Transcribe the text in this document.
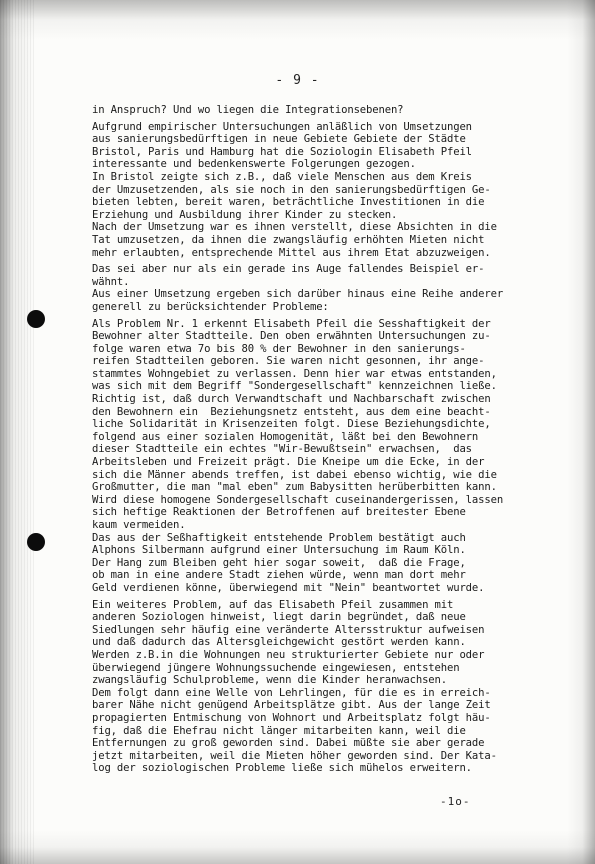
- 9 -
in Anspruch? Und wo liegen die Integrationsebenen?
Aufgrund empirischer Untersuchungen anläßlich von Umsetzungen
aus sanierungsbedürftigen in neue Gebiete Gebiete der Städte
Bristol, Paris und Hamburg hat die Soziologin Elisabeth Pfeil
interessante und bedenkenswerte Folgerungen gezogen.
In Bristol zeigte sich z.B., daß viele Menschen aus dem Kreis
der Umzusetzenden, als sie noch in den sanierungsbedürftigen Ge-
bieten lebten, bereit waren, beträchtliche Investitionen in die
Erziehung und Ausbildung ihrer Kinder zu stecken.
Nach der Umsetzung war es ihnen verstellt, diese Absichten in die
Tat umzusetzen, da ihnen die zwangsläufig erhöhten Mieten nicht
mehr erlaubten, entsprechende Mittel aus ihrem Etat abzuzweigen.
Das sei aber nur als ein gerade ins Auge fallendes Beispiel er-
wähnt.
Aus einer Umsetzung ergeben sich darüber hinaus eine Reihe anderer
generell zu berücksichtender Probleme:
Als Problem Nr. 1 erkennt Elisabeth Pfeil die Sesshaftigkeit der
Bewohner alter Stadtteile. Den oben erwähnten Untersuchungen zu-
folge waren etwa 7o bis 80 % der Bewohner in den sanierungs-
reifen Stadtteilen geboren. Sie waren nicht gesonnen, ihr ange-
stammtes Wohngebiet zu verlassen. Denn hier war etwas entstanden,
was sich mit dem Begriff "Sondergesellschaft" kennzeichnen ließe.
Richtig ist, daß durch Verwandtschaft und Nachbarschaft zwischen
den Bewohnern ein  Beziehungsnetz entsteht, aus dem eine beacht-
liche Solidarität in Krisenzeiten folgt. Diese Beziehungsdichte,
folgend aus einer sozialen Homogenität, läßt bei den Bewohnern
dieser Stadtteile ein echtes "Wir-Bewußtsein" erwachsen,  das
Arbeitsleben und Freizeit prägt. Die Kneipe um die Ecke, in der
sich die Männer abends treffen, ist dabei ebenso wichtig, wie die
Großmutter, die man "mal eben" zum Babysitten herüberbitten kann.
Wird diese homogene Sondergesellschaft cuseinandergerissen, lassen
sich heftige Reaktionen der Betroffenen auf breitester Ebene
kaum vermeiden.
Das aus der Seßhaftigkeit entstehende Problem bestätigt auch
Alphons Silbermann aufgrund einer Untersuchung im Raum Köln.
Der Hang zum Bleiben geht hier sogar soweit,  daß die Frage,
ob man in eine andere Stadt ziehen würde, wenn man dort mehr
Geld verdienen könne, überwiegend mit "Nein" beantwortet wurde.
Ein weiteres Problem, auf das Elisabeth Pfeil zusammen mit
anderen Soziologen hinweist, liegt darin begründet, daß neue
Siedlungen sehr häufig eine veränderte Altersstruktur aufweisen
und daß dadurch das Altersgleichgewicht gestört werden kann.
Werden z.B.in die Wohnungen neu strukturierter Gebiete nur oder
überwiegend jüngere Wohnungssuchende eingewiesen, entstehen
zwangsläufig Schulprobleme, wenn die Kinder heranwachsen.
Dem folgt dann eine Welle von Lehrlingen, für die es in erreich-
barer Nähe nicht genügend Arbeitsplätze gibt. Aus der lange Zeit
propagierten Entmischung von Wohnort und Arbeitsplatz folgt häu-
fig, daß die Ehefrau nicht länger mitarbeiten kann, weil die
Entfernungen zu groß geworden sind. Dabei müßte sie aber gerade
jetzt mitarbeiten, weil die Mieten höher geworden sind. Der Kata-
log der soziologischen Probleme ließe sich mühelos erweitern.
-1o-
